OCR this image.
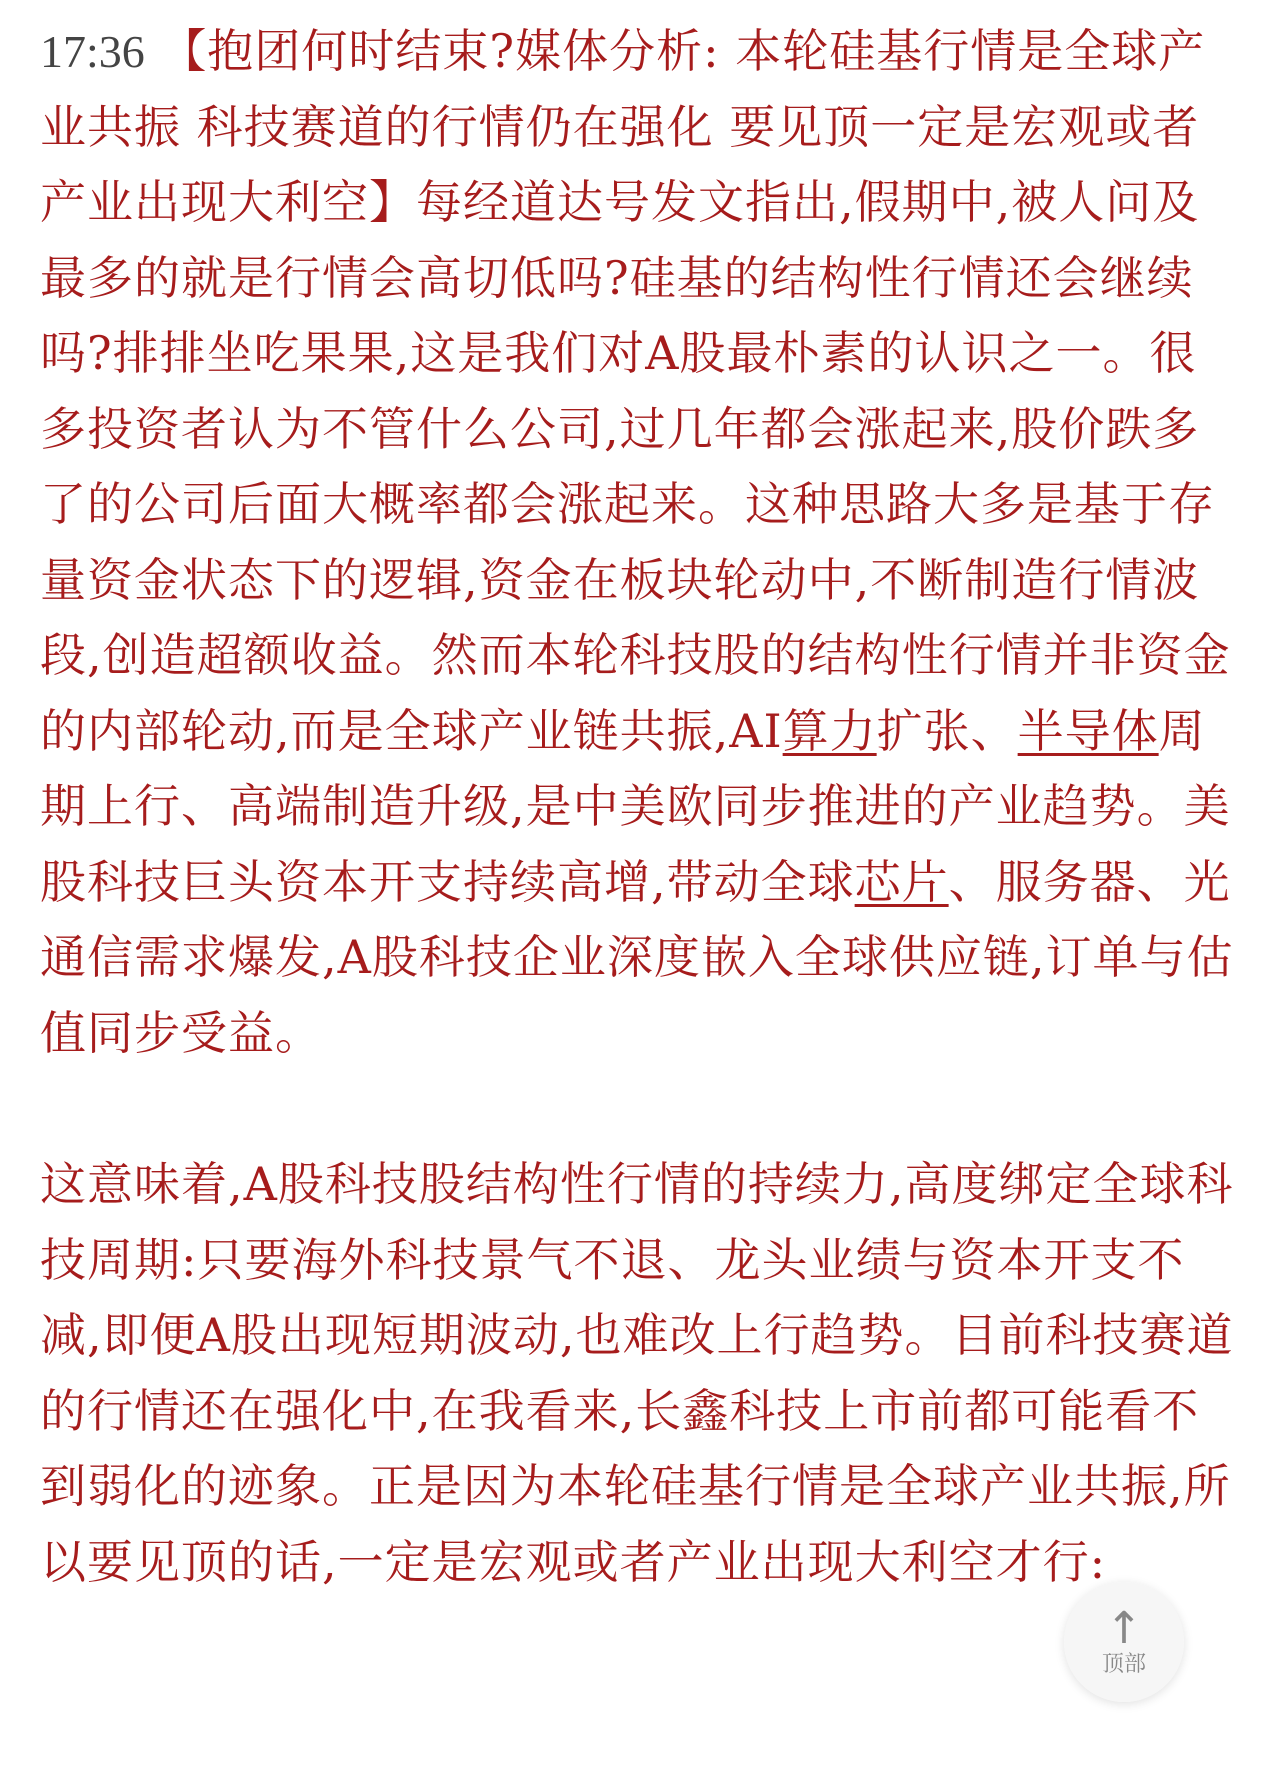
17:36 【抱团何时结束?媒体分析: 本轮硅基行情是全球产业共振 科技赛道的行情仍在强化 要见顶一定是宏观或者产业出现大利空】每经道达号发文指出,假期中,被人问及最多的就是行情会高切低吗?硅基的结构性行情还会继续吗?排排坐吃果果,这是我们对A股最朴素的认识之一。很多投资者认为不管什么公司,过几年都会涨起来,股价跌多了的公司后面大概率都会涨起来。这种思路大多是基于存量资金状态下的逻辑,资金在板块轮动中,不断制造行情波段,创造超额收益。然而本轮科技股的结构性行情并非资金的内部轮动,而是全球产业链共振,AI算力扩张、半导体周期上行、高端制造升级,是中美欧同步推进的产业趋势。美股科技巨头资本开支持续高增,带动全球芯片、服务器、光通信需求爆发,A股科技企业深度嵌入全球供应链,订单与估值同步受益。

这意味着,A股科技股结构性行情的持续力,高度绑定全球科技周期:只要海外科技景气不退、龙头业绩与资本开支不减,即便A股出现短期波动,也难改上行趋势。目前科技赛道的行情还在强化中,在我看来,长鑫科技上市前都可能看不到弱化的迹象。正是因为本轮硅基行情是全球产业共振,所以要见顶的话,一定是宏观或者产业出现大利空才行:

↑
顶部
